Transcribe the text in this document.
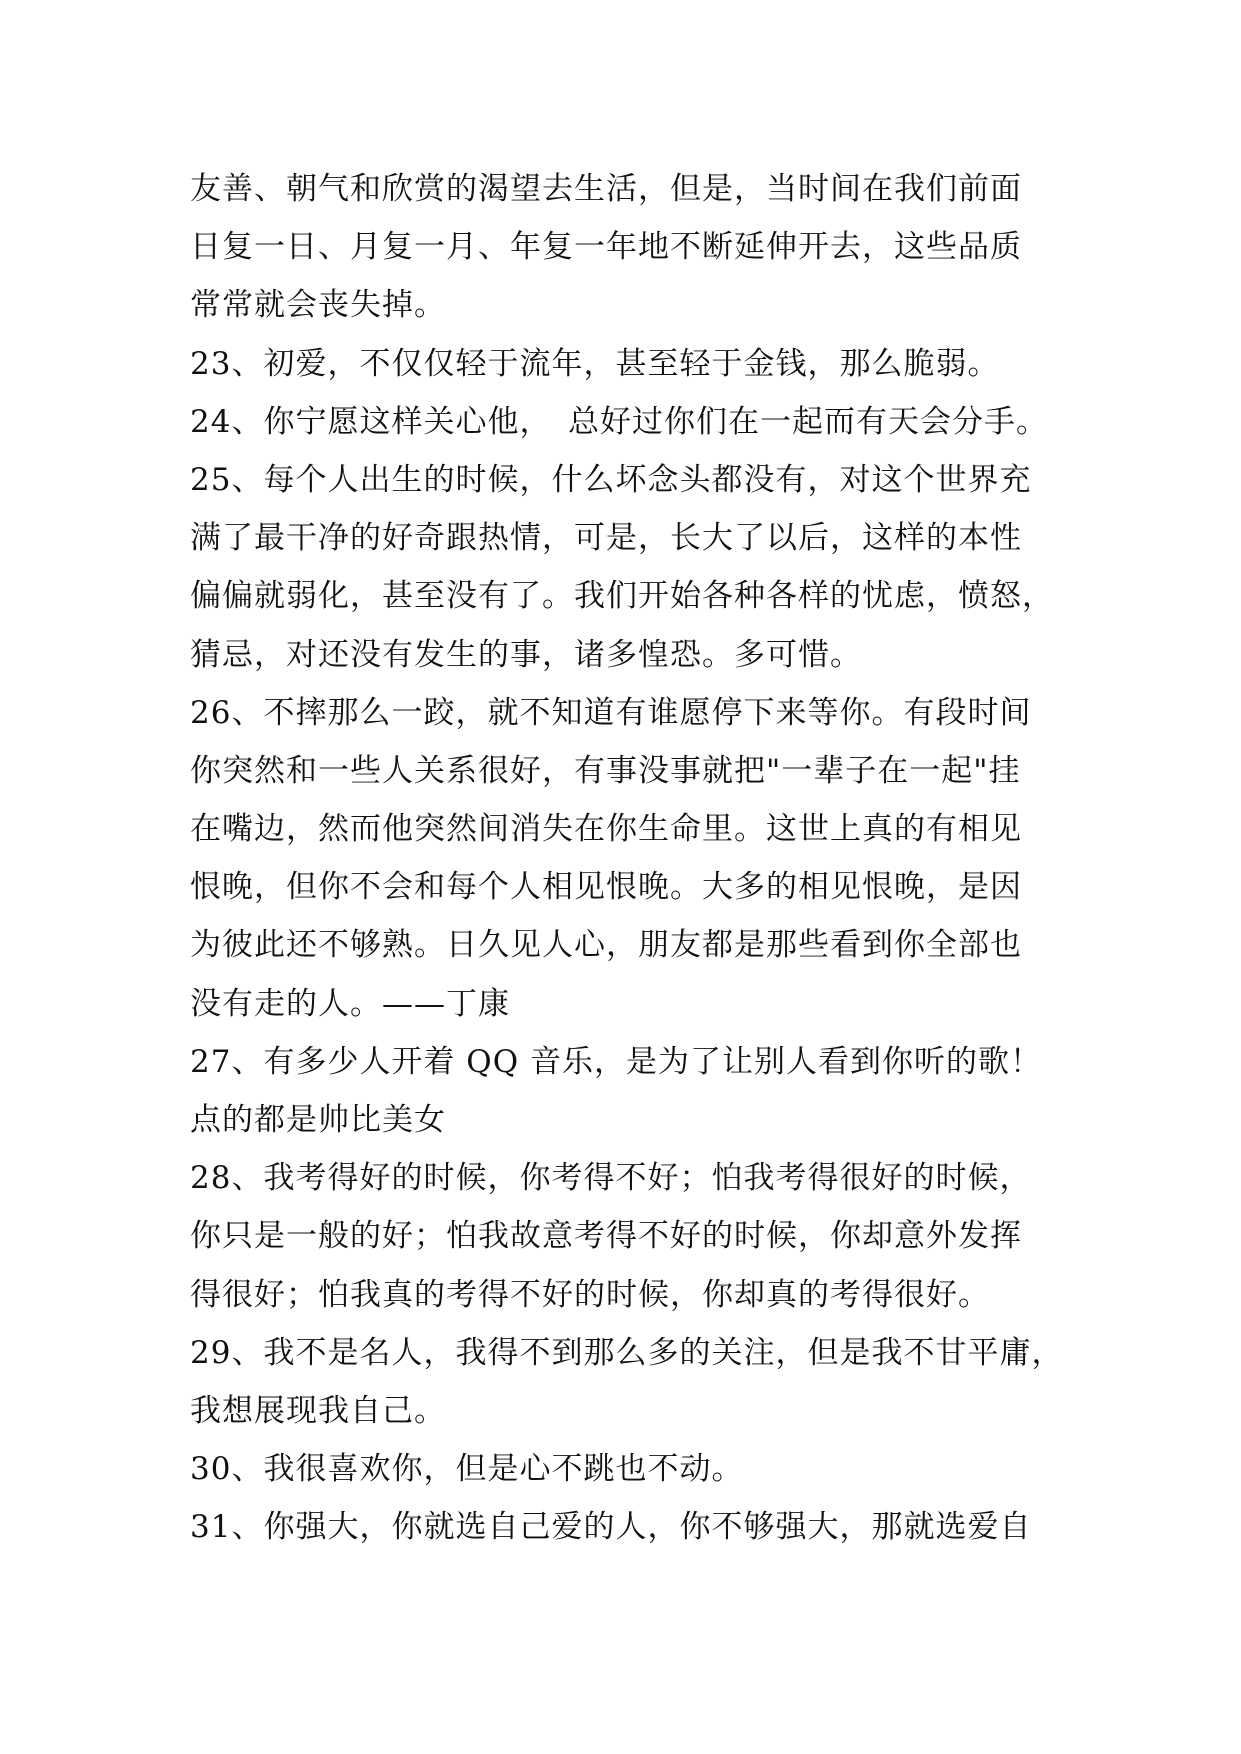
友善、朝气和欣赏的渴望去生活，但是，当时间在我们前面
日复一日、月复一月、年复一年地不断延伸开去，这些品质
常常就会丧失掉。
23、初爱，不仅仅轻于流年，甚至轻于金钱，那么脆弱。
24、你宁愿这样关心他，　总好过你们在一起而有天会分手。
25、每个人出生的时候，什么坏念头都没有，对这个世界充
满了最干净的好奇跟热情，可是，长大了以后，这样的本性
偏偏就弱化，甚至没有了。我们开始各种各样的忧虑，愤怒，
猜忌，对还没有发生的事，诸多惶恐。多可惜。
26、不摔那么一跤，就不知道有谁愿停下来等你。有段时间
你突然和一些人关系很好，有事没事就把"一辈子在一起"挂
在嘴边，然而他突然间消失在你生命里。这世上真的有相见
恨晚，但你不会和每个人相见恨晚。大多的相见恨晚，是因
为彼此还不够熟。日久见人心，朋友都是那些看到你全部也
没有走的人。——丁康
27、有多少人开着 QQ 音乐，是为了让别人看到你听的歌！
点的都是帅比美女
28、我考得好的时候，你考得不好；怕我考得很好的时候，
你只是一般的好；怕我故意考得不好的时候，你却意外发挥
得很好；怕我真的考得不好的时候，你却真的考得很好。
29、我不是名人，我得不到那么多的关注，但是我不甘平庸，
我想展现我自己。
30、我很喜欢你，但是心不跳也不动。
31、你强大，你就选自己爱的人，你不够强大，那就选爱自
